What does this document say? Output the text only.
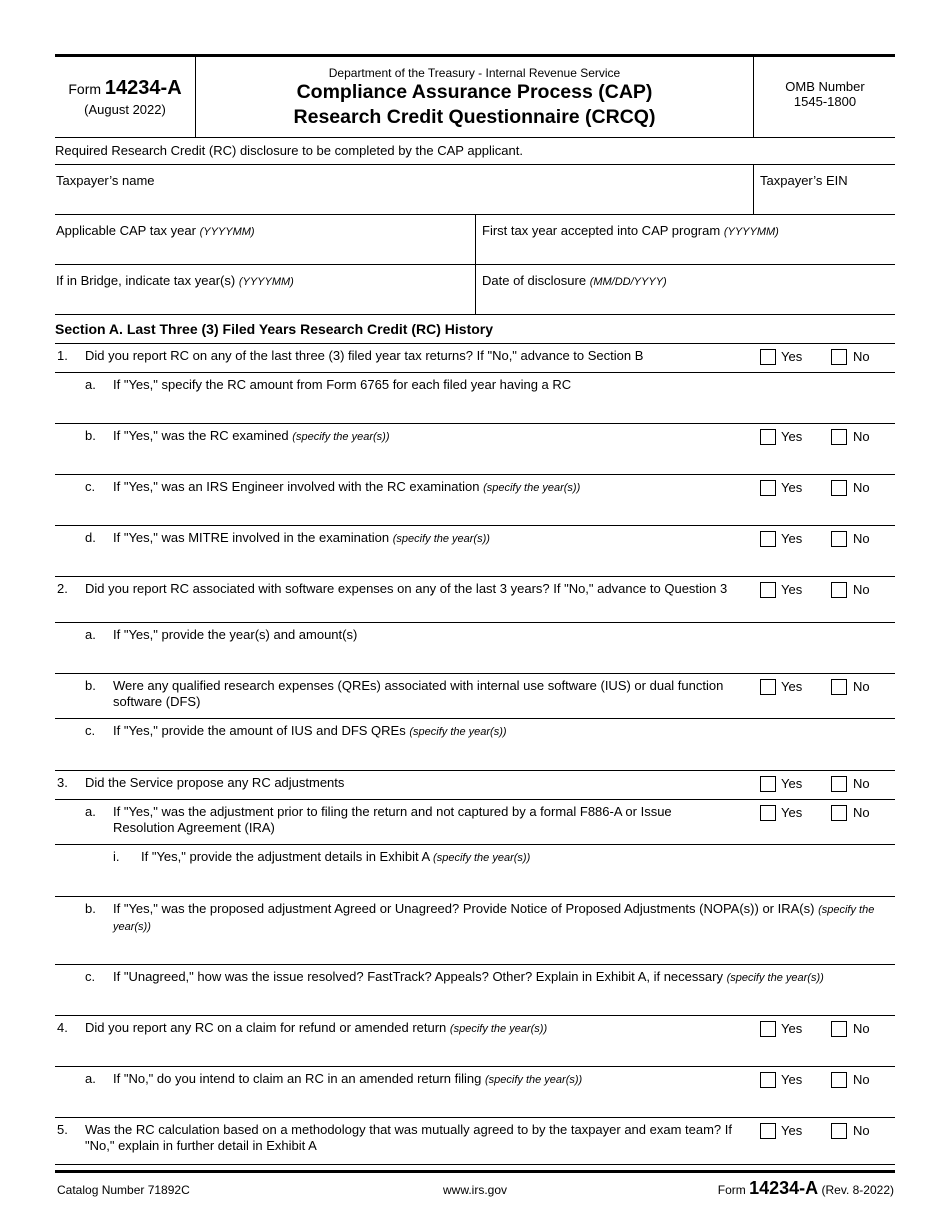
Form 14234-A
(August 2022)
Department of the Treasury - Internal Revenue Service
Compliance Assurance Process (CAP)
Research Credit Questionnaire (CRCQ)
OMB Number
1545-1800
Required Research Credit (RC) disclosure to be completed by the CAP applicant.
Taxpayer’s name	Taxpayer’s EIN
Applicable CAP tax year (YYYYMM)	First tax year accepted into CAP program (YYYYMM)
If in Bridge, indicate tax year(s) (YYYYMM)	Date of disclosure (MM/DD/YYYY)
Section A. Last Three (3) Filed Years Research Credit (RC) History
1. Did you report RC on any of the last three (3) filed year tax returns? If "No," advance to Section B	Yes	No
a. If "Yes," specify the RC amount from Form 6765 for each filed year having a RC
b. If "Yes," was the RC examined (specify the year(s))	Yes	No
c. If "Yes," was an IRS Engineer involved with the RC examination (specify the year(s))	Yes	No
d. If "Yes," was MITRE involved in the examination (specify the year(s))	Yes	No
2. Did you report RC associated with software expenses on any of the last 3 years? If "No," advance to Question 3	Yes	No
a. If "Yes," provide the year(s) and amount(s)
b. Were any qualified research expenses (QREs) associated with internal use software (IUS) or dual function software (DFS)
Yes	No
c. If "Yes," provide the amount of IUS and DFS QREs (specify the year(s))
3. Did the Service propose any RC adjustments	Yes	No
a. If "Yes," was the adjustment prior to filing the return and not captured by a formal F886-A or Issue Resolution Agreement (IRA)
Yes	No
i. If "Yes," provide the adjustment details in Exhibit A (specify the year(s))
b. If "Yes," was the proposed adjustment Agreed or Unagreed? Provide Notice of Proposed Adjustments (NOPA(s)) or IRA(s) (specify the year(s))
c. If "Unagreed," how was the issue resolved? FastTrack? Appeals? Other? Explain in Exhibit A, if necessary (specify the year(s))
4. Did you report any RC on a claim for refund or amended return (specify the year(s))	Yes	No
a. If "No," do you intend to claim an RC in an amended return filing (specify the year(s))	Yes	No
5. Was the RC calculation based on a methodology that was mutually agreed to by the taxpayer and exam team? If "No," explain in further detail in Exhibit A
Yes	No
Catalog Number 71892C	www.irs.gov	Form 14234-A (Rev. 8-2022)
